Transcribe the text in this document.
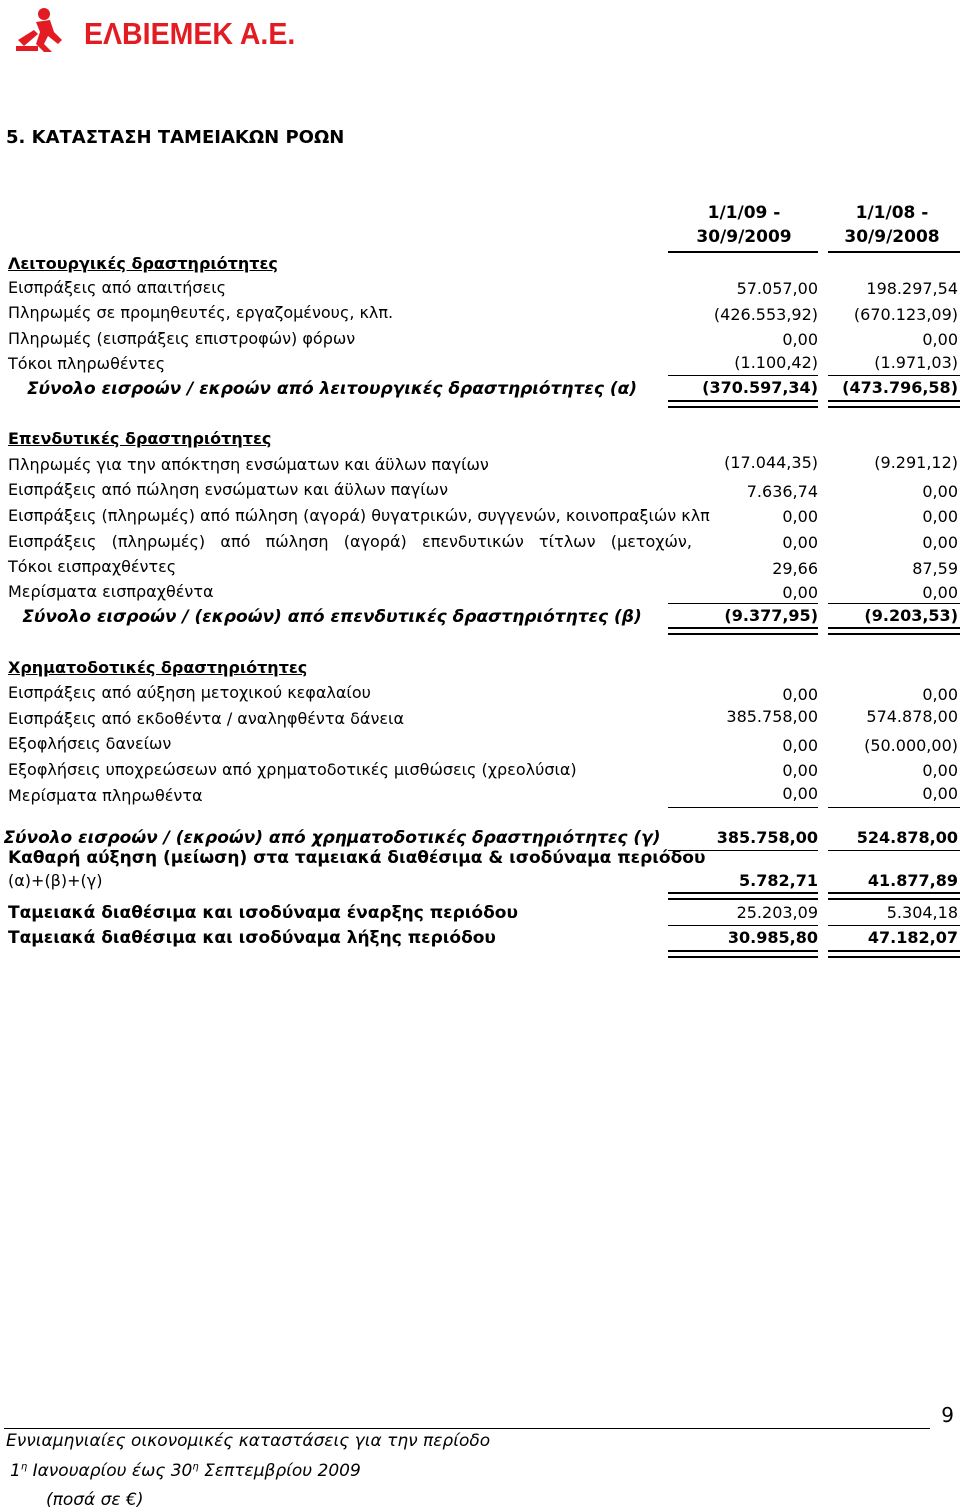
ΕΛΒΙΕΜΕΚ Α.Ε.
5. ΚΑΤΑΣΤΑΣΗ ΤΑΜΕΙΑΚΩΝ ΡΟΩΝ
1/1/09 -
30/9/2009
1/1/08 -
30/9/2008
Λειτουργικές δραστηριότητες
Εισπράξεις από απαιτήσεις	57.057,00	198.297,54
Πληρωμές σε προμηθευτές, εργαζομένους, κλπ.	(426.553,92)	(670.123,09)
Πληρωμές (εισπράξεις επιστροφών) φόρων	0,00	0,00
Τόκοι πληρωθέντες	(1.100,42)	(1.971,03)
Σύνολο εισροών / εκροών από λειτουργικές δραστηριότητες (α)	(370.597,34)	(473.796,58)
Επενδυτικές δραστηριότητες
Πληρωμές για την απόκτηση ενσώματων και άϋλων παγίων	(17.044,35)	(9.291,12)
Εισπράξεις από πώληση ενσώματων και άϋλων παγίων	7.636,74	0,00
Εισπράξεις (πληρωμές) από πώληση (αγορά) θυγατρικών, συγγενών, κοινοπραξιών κλπ	0,00	0,00
Εισπράξεις   (πληρωμές)   από   πώληση   (αγορά)   επενδυτικών   τίτλων   (μετοχών,	0,00	0,00
Τόκοι εισπραχθέντες	29,66	87,59
Μερίσματα εισπραχθέντα	0,00	0,00
Σύνολο εισροών / (εκροών) από επενδυτικές δραστηριότητες (β)	(9.377,95)	(9.203,53)
Χρηματοδοτικές δραστηριότητες
Εισπράξεις από αύξηση μετοχικού κεφαλαίου	0,00	0,00
Εισπράξεις από εκδοθέντα / αναληφθέντα δάνεια	385.758,00	574.878,00
Εξοφλήσεις δανείων	0,00	(50.000,00)
Εξοφλήσεις υποχρεώσεων από χρηματοδοτικές μισθώσεις (χρεολύσια)	0,00	0,00
Μερίσματα πληρωθέντα	0,00	0,00
Σύνολο εισροών / (εκροών) από χρηματοδοτικές δραστηριότητες (γ)	385.758,00	524.878,00
Καθαρή αύξηση (μείωση) στα ταμειακά διαθέσιμα & ισοδύναμα περιόδου
(α)+(β)+(γ)	5.782,71	41.877,89
Ταμειακά διαθέσιμα και ισοδύναμα έναρξης περιόδου	25.203,09	5.304,18
Ταμειακά διαθέσιμα και ισοδύναμα λήξης περιόδου	30.985,80	47.182,07
9
Εννιαμηνιαίες οικονομικές καταστάσεις για την περίοδο
$1^\eta$ Ιανουαρίου έως $30^\eta$ Σεπτεμβρίου 2009
(ποσά σε €)
